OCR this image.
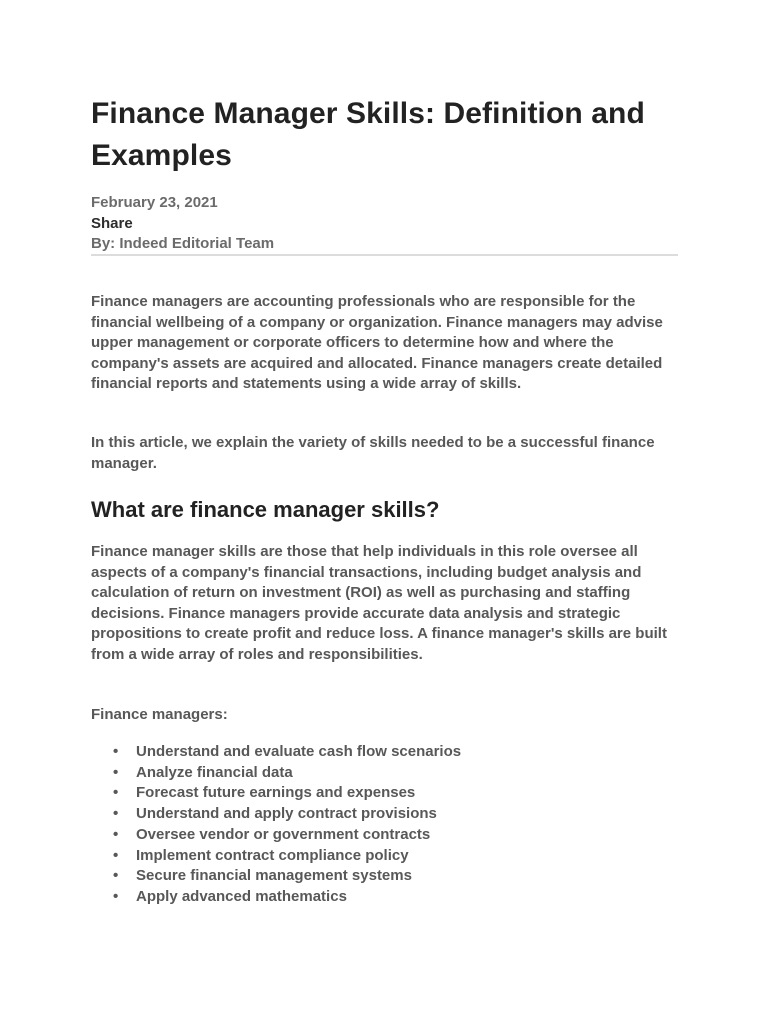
Finance Manager Skills: Definition and Examples
February 23, 2021
Share
By: Indeed Editorial Team

Finance managers are accounting professionals who are responsible for the financial wellbeing of a company or organization. Finance managers may advise upper management or corporate officers to determine how and where the company's assets are acquired and allocated. Finance managers create detailed financial reports and statements using a wide array of skills.

In this article, we explain the variety of skills needed to be a successful finance manager.

What are finance manager skills?

Finance manager skills are those that help individuals in this role oversee all aspects of a company's financial transactions, including budget analysis and calculation of return on investment (ROI) as well as purchasing and staffing decisions. Finance managers provide accurate data analysis and strategic propositions to create profit and reduce loss. A finance manager's skills are built from a wide array of roles and responsibilities.

Finance managers:

• Understand and evaluate cash flow scenarios
• Analyze financial data
• Forecast future earnings and expenses
• Understand and apply contract provisions
• Oversee vendor or government contracts
• Implement contract compliance policy
• Secure financial management systems
• Apply advanced mathematics
